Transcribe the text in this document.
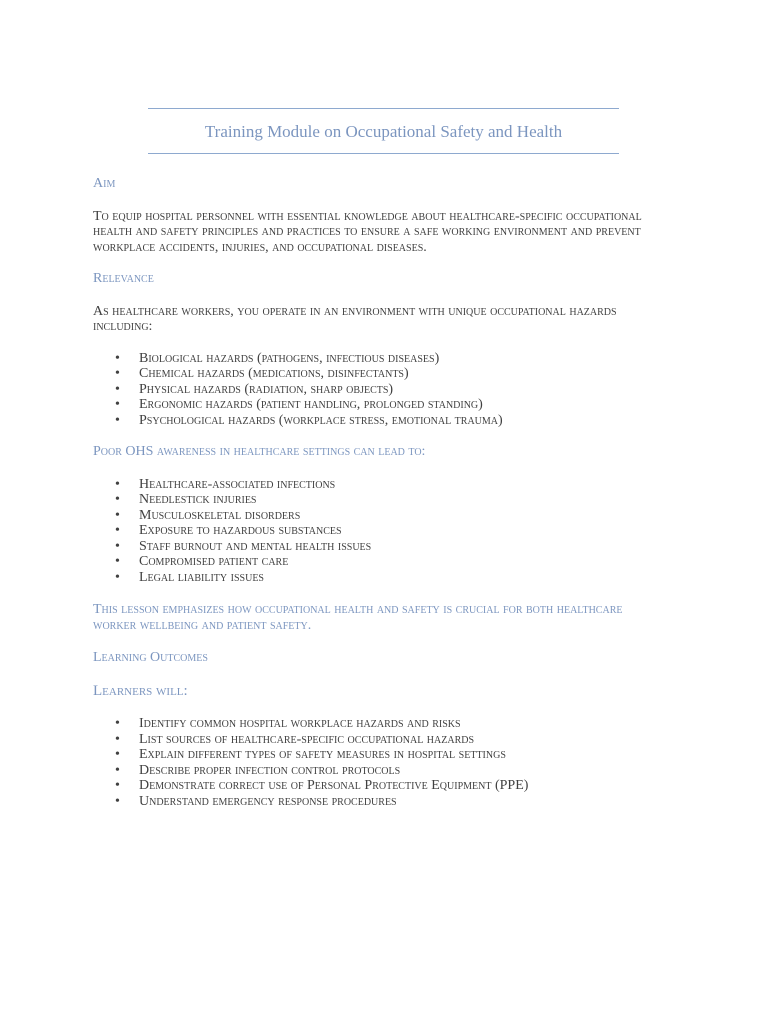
Training Module on Occupational Safety and Health

Aim

To equip hospital personnel with essential knowledge about healthcare-specific occupational health and safety principles and practices to ensure a safe working environment and prevent workplace accidents, injuries, and occupational diseases.

Relevance

As healthcare workers, you operate in an environment with unique occupational hazards including:

• Biological hazards (pathogens, infectious diseases)
• Chemical hazards (medications, disinfectants)
• Physical hazards (radiation, sharp objects)
• Ergonomic hazards (patient handling, prolonged standing)
• Psychological hazards (workplace stress, emotional trauma)

Poor OHS awareness in healthcare settings can lead to:

• Healthcare-associated infections
• Needlestick injuries
• Musculoskeletal disorders
• Exposure to hazardous substances
• Staff burnout and mental health issues
• Compromised patient care
• Legal liability issues

This lesson emphasizes how occupational health and safety is crucial for both healthcare worker wellbeing and patient safety.

Learning Outcomes

Learners will:

• Identify common hospital workplace hazards and risks
• List sources of healthcare-specific occupational hazards
• Explain different types of safety measures in hospital settings
• Describe proper infection control protocols
• Demonstrate correct use of Personal Protective Equipment (PPE)
• Understand emergency response procedures
